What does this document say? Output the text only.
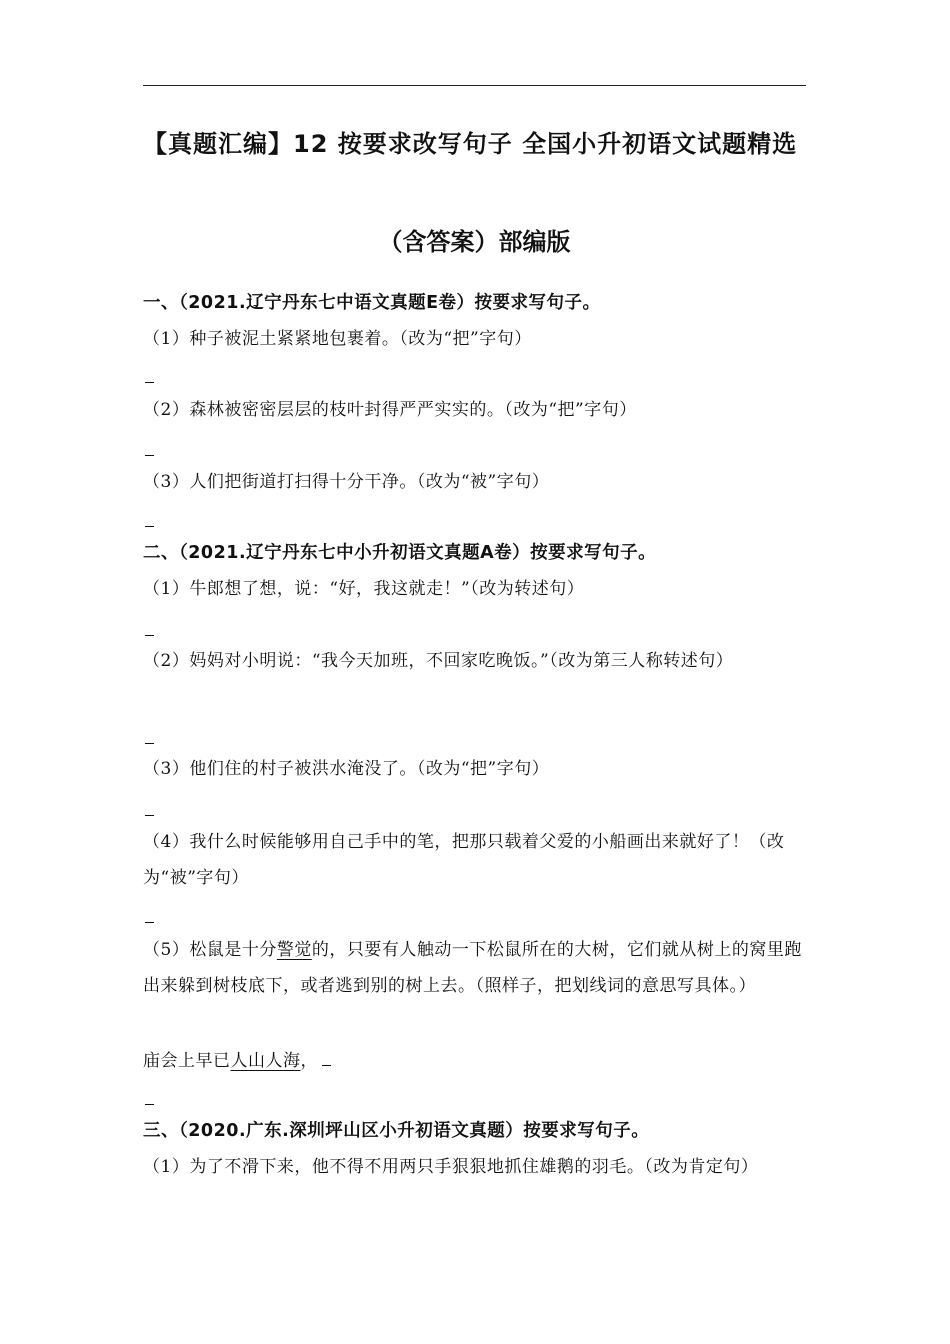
【真题汇编】12 按要求改写句子 全国小升初语文试题精选
（含答案）部编版
一、（2021.辽宁丹东七中语文真题E卷）按要求写句子。
（1）种子被泥土紧紧地包裹着。（改为“把”字句）
（2）森林被密密层层的枝叶封得严严实实的。（改为“把”字句）
（3）人们把街道打扫得十分干净。（改为“被”字句）
二、（2021.辽宁丹东七中小升初语文真题A卷）按要求写句子。
（1）牛郎想了想，说：“好，我这就走！”（改为转述句）
（2）妈妈对小明说：“我今天加班，不回家吃晚饭。”（改为第三人称转述句）
（3）他们住的村子被洪水淹没了。（改为“把”字句）
（4）我什么时候能够用自己手中的笔，把那只载着父爱的小船画出来就好了！（改为“被”字句）
（5）松鼠是十分警觉的，只要有人触动一下松鼠所在的大树，它们就从树上的窝里跑出来躲到树枝底下，或者逃到别的树上去。（照样子，把划线词的意思写具体。）
庙会上早已人山人海，
三、（2020.广东.深圳坪山区小升初语文真题）按要求写句子。
（1）为了不滑下来，他不得不用两只手狠狠地抓住雄鹅的羽毛。（改为肯定句）
